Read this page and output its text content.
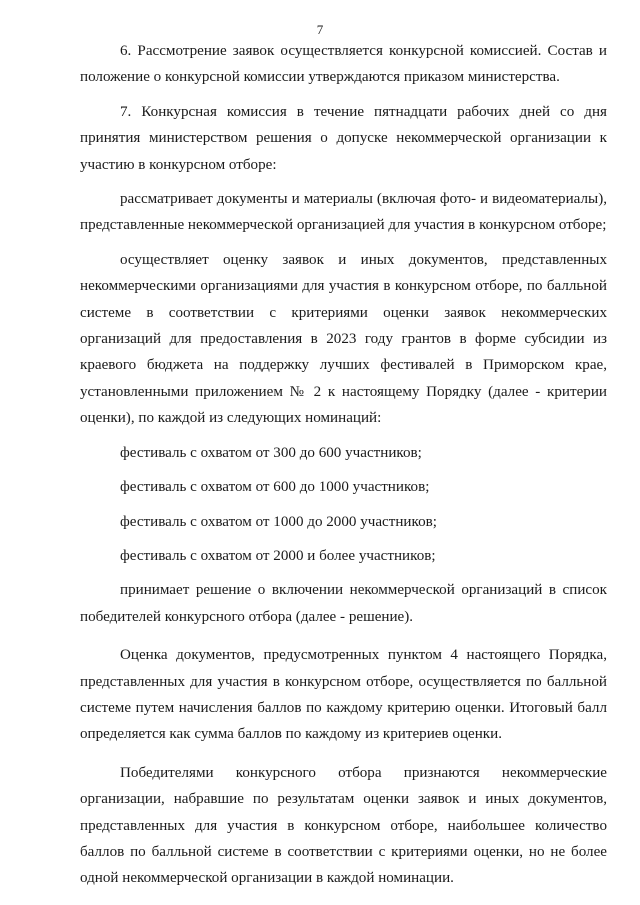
7

6. Рассмотрение заявок осуществляется конкурсной комиссией. Состав и положение о конкурсной комиссии утверждаются приказом министерства.

7. Конкурсная комиссия в течение пятнадцати рабочих дней со дня принятия министерством решения о допуске некоммерческой организации к участию в конкурсном отборе:

рассматривает документы и материалы (включая фото- и видеоматериалы), представленные некоммерческой организацией для участия в конкурсном отборе;

осуществляет оценку заявок и иных документов, представленных некоммерческими организациями для участия в конкурсном отборе, по балльной системе в соответствии с критериями оценки заявок некоммерческих организаций для предоставления в 2023 году грантов в форме субсидии из краевого бюджета на поддержку лучших фестивалей в Приморском крае, установленными приложением № 2 к настоящему Порядку (далее - критерии оценки), по каждой из следующих номинаций:

фестиваль с охватом от 300 до 600 участников;

фестиваль с охватом от 600 до 1000 участников;

фестиваль с охватом от 1000 до 2000 участников;

фестиваль с охватом от 2000 и более участников;

принимает решение о включении некоммерческой организаций в список победителей конкурсного отбора (далее - решение).

Оценка документов, предусмотренных пунктом 4 настоящего Порядка, представленных для участия в конкурсном отборе, осуществляется по балльной системе путем начисления баллов по каждому критерию оценки. Итоговый балл определяется как сумма баллов по каждому из критериев оценки.

Победителями конкурсного отбора признаются некоммерческие организации, набравшие по результатам оценки заявок и иных документов, представленных для участия в конкурсном отборе, наибольшее количество баллов по балльной системе в соответствии с критериями оценки, но не более одной некоммерческой организации в каждой номинации.
